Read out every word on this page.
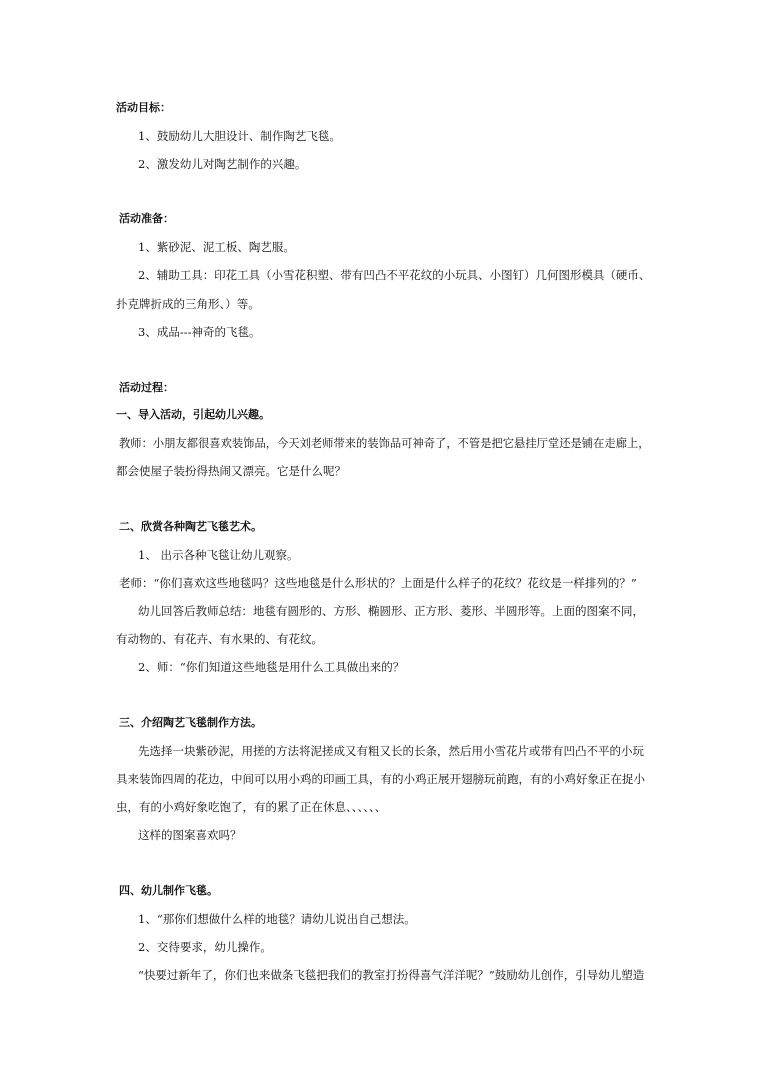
活动目标：
1、鼓励幼儿大胆设计、制作陶艺飞毯。
2、激发幼儿对陶艺制作的兴趣。
活动准备：
1、紫砂泥、泥工板、陶艺服。
2、辅助工具：印花工具（小雪花积塑、带有凹凸不平花纹的小玩具、小图钉）几何图形模具（硬币、
扑克牌折成的三角形、）等。
3、成品---神奇的飞毯。
活动过程：
一、导入活动，引起幼儿兴趣。
教师：小朋友都很喜欢装饰品，今天刘老师带来的装饰品可神奇了，不管是把它悬挂厅堂还是铺在走廊上，
都会使屋子装扮得热闹又漂亮。它是什么呢？
二、欣赏各种陶艺飞毯艺术。
1、 出示各种飞毯让幼儿观察。
老师：“你们喜欢这些地毯吗？这些地毯是什么形状的？上面是什么样子的花纹？花纹是一样排列的？”
幼儿回答后教师总结：地毯有圆形的、方形、椭圆形、正方形、菱形、半圆形等。上面的图案不同，
有动物的、有花卉、有水果的、有花纹。
2、师：“你们知道这些地毯是用什么工具做出来的？
三、介绍陶艺飞毯制作方法。
先选择一块紫砂泥，用搓的方法将泥搓成又有粗又长的长条，然后用小雪花片或带有凹凸不平的小玩
具来装饰四周的花边，中间可以用小鸡的印画工具，有的小鸡正展开翅膀玩前跑，有的小鸡好象正在捉小
虫，有的小鸡好象吃饱了，有的累了正在休息、、、、、、
这样的图案喜欢吗？
四、幼儿制作飞毯。
1、“那你们想做什么样的地毯？请幼儿说出自己想法。
2、交待要求，幼儿操作。
“快要过新年了，你们也来做条飞毯把我们的教室打扮得喜气洋洋呢？”鼓励幼儿创作，引导幼儿塑造
